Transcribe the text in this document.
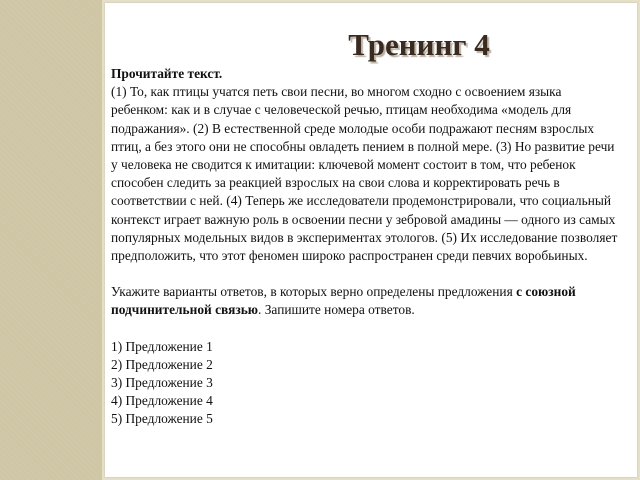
Тренинг 4
Прочитайте текст.

(1) То, как птицы учатся петь свои песни, во многом сходно с освоением языка ребенком: как и в случае с человеческой речью, птицам необходима «модель для подражания». (2) В естественной среде молодые особи подражают песням взрослых птиц, а без этого они не способны овладеть пением в полной мере. (3) Но развитие речи у человека не сводится к имитации: ключевой момент состоит в том, что ребенок способен следить за реакцией взрослых на свои слова и корректировать речь в соответствии с ней. (4) Теперь же исследователи продемонстрировали, что социальный контекст играет важную роль в освоении песни у зебровой амадины — одного из самых популярных модельных видов в экспериментах этологов. (5) Их исследование позволяет предположить, что этот феномен широко распространен среди певчих воробьиных.

Укажите варианты ответов, в которых верно определены предложения с союзной подчинительной связью. Запишите номера ответов.

1) Предложение 1
2) Предложение 2
3) Предложение 3
4) Предложение 4
5) Предложение 5
